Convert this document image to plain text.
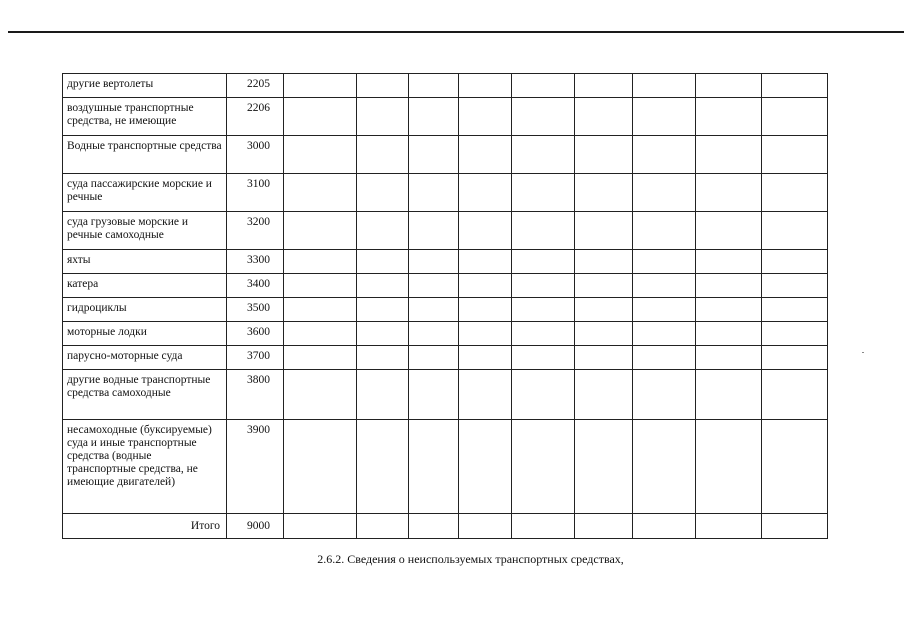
другие вертолеты	2205									
воздушные транспортные средства, не имеющие	2206									
Водные транспортные средства	3000									
суда пассажирские морские и речные	3100									
суда грузовые морские и речные самоходные	3200									
яхты	3300									
катера	3400									
гидроциклы	3500									
моторные лодки	3600									
парусно-моторные суда	3700									
другие водные транспортные средства самоходные	3800									
несамоходные (буксируемые) суда и иные транспортные средства (водные транспортные средства, не имеющие двигателей)	3900									
Итого	9000									
2.6.2. Сведения о неиспользуемых транспортных средствах,
